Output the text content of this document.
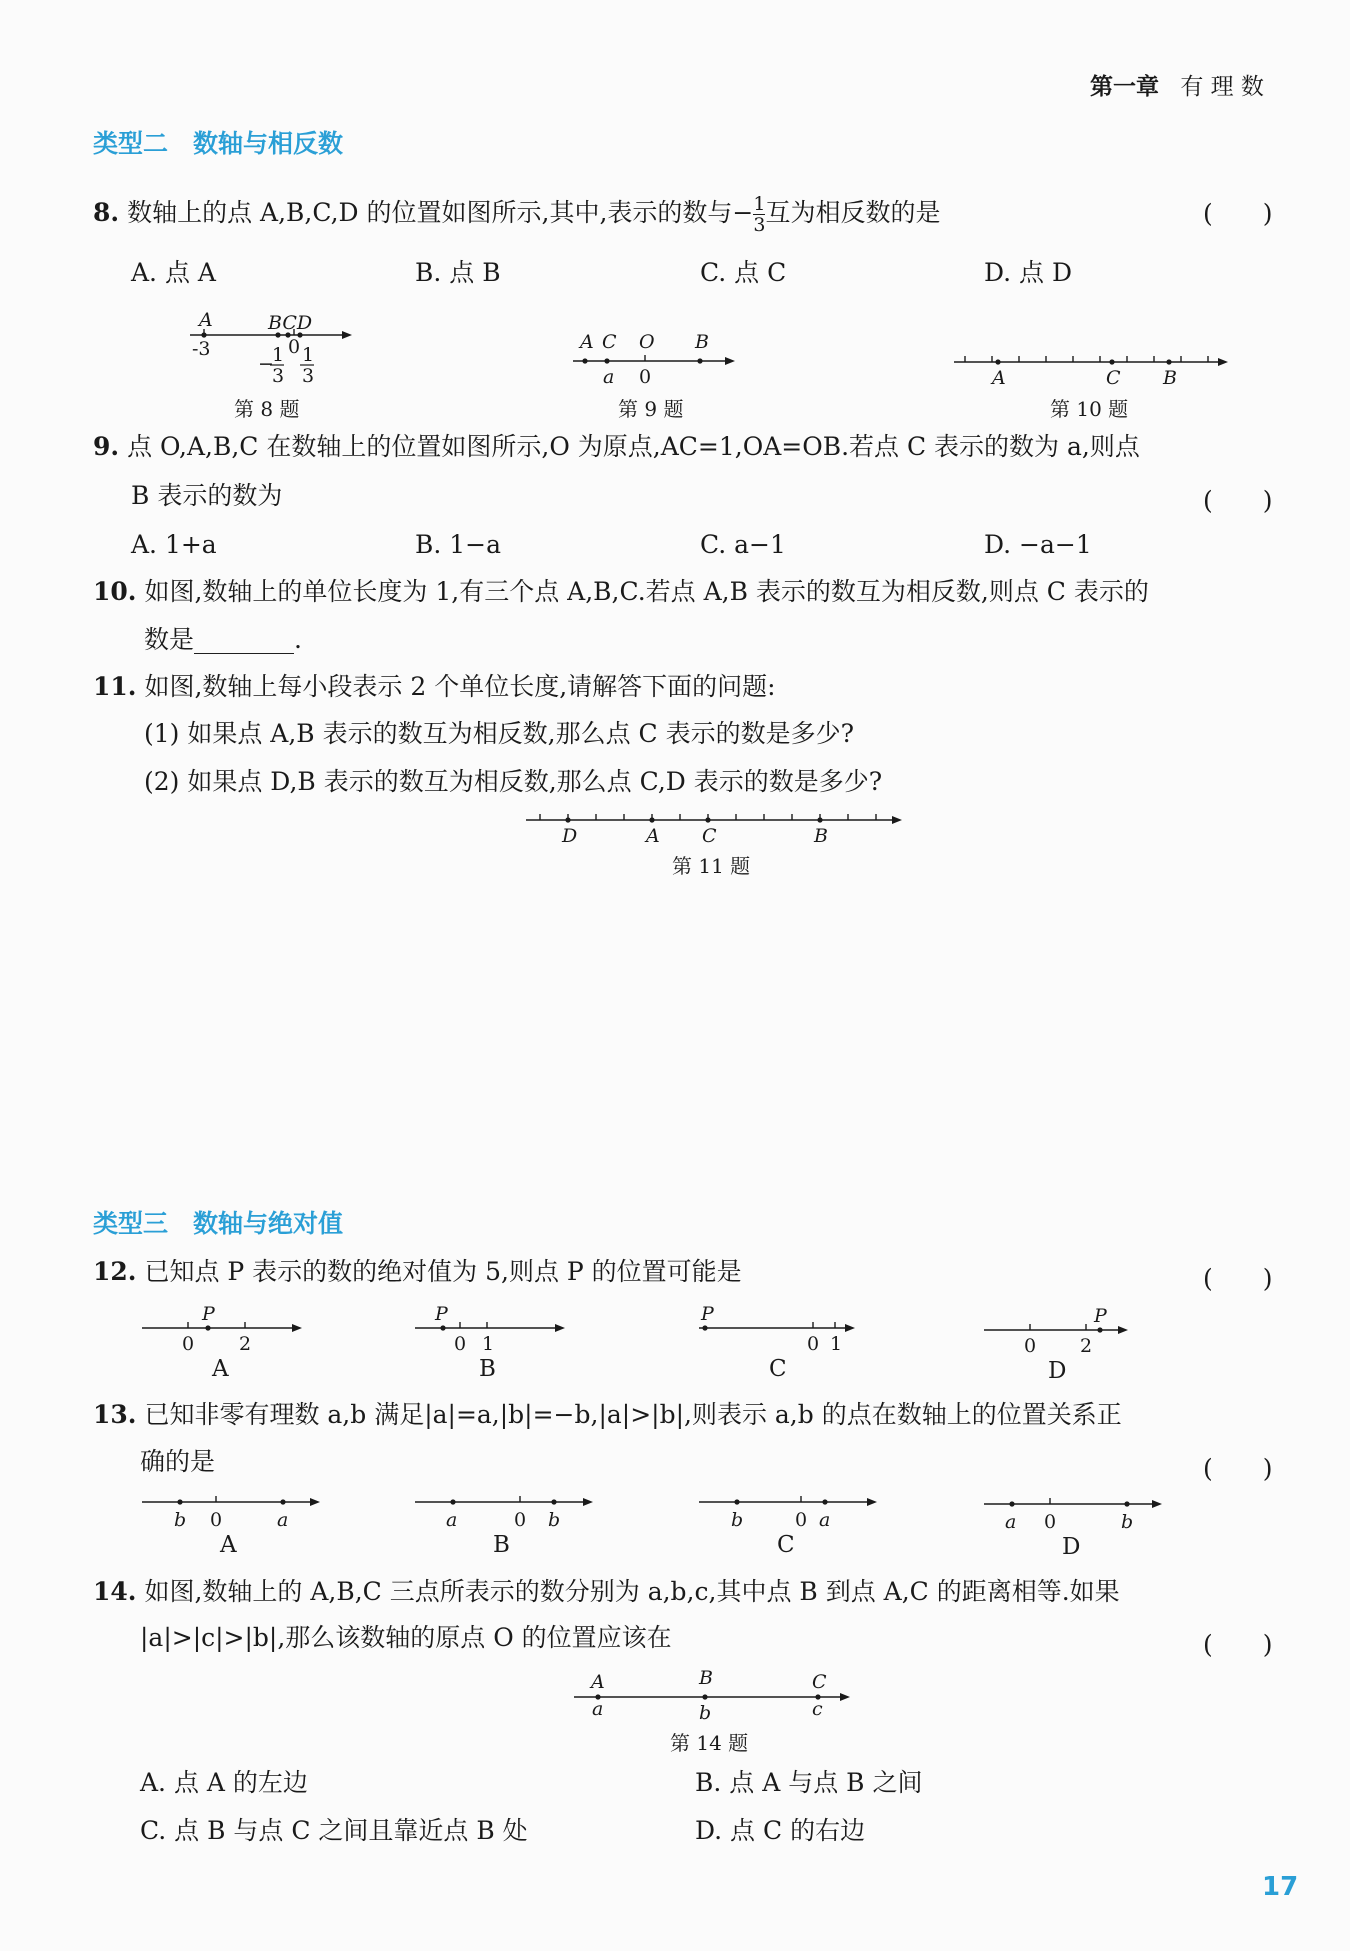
第一章 有 理 数
类型二　数轴与相反数
8. 数轴上的点 A,B,C,D 的位置如图所示,其中,表示的数与− $\frac{1}{3}$ 互为相反数的是	(　　)
A. 点 A	B. 点 B	C. 点 C	D. 点 D
A	BCD
-3	0
−
1
3
1
3
第 8 题
A C O B
a 0
第 9 题
A	C B
第 10 题
9. 点 O,A,B,C 在数轴上的位置如图所示,O 为原点,AC=1,OA=OB.若点 C 表示的数为 a,则点
B 表示的数为	(　　)
A. 1+a	B. 1−a	C. a−1	D. −a−1
10. 如图,数轴上的单位长度为 1,有三个点 A,B,C.若点 A,B 表示的数互为相反数,则点 C 表示的
数是________.
11. 如图,数轴上每小段表示 2 个单位长度,请解答下面的问题:
(1) 如果点 A,B 表示的数互为相反数,那么点 C 表示的数是多少?
(2) 如果点 D,B 表示的数互为相反数,那么点 C,D 表示的数是多少?
D	A C	B
第 11 题
类型三　数轴与绝对值
12. 已知点 P 表示的数的绝对值为 5,则点 P 的位置可能是	(　　)
P
0 2
A
P
0 1
B
P
0 1
C
P
0 2
D
13. 已知非零有理数 a,b 满足|a|=a,|b|=−b,|a|>|b|,则表示 a,b 的点在数轴上的位置关系正
确的是	(　　)
b 0	a
A
a	0 b
B
b	0 a
C
a 0	b
D
14. 如图,数轴上的 A,B,C 三点所表示的数分别为 a,b,c,其中点 B 到点 A,C 的距离相等.如果
|a|>|c|>|b|,那么该数轴的原点 O 的位置应该在	(　　)
A	B	C
a	b	c
第 14 题
A. 点 A 的左边	B. 点 A 与点 B 之间
C. 点 B 与点 C 之间且靠近点 B 处	D. 点 C 的右边
17
